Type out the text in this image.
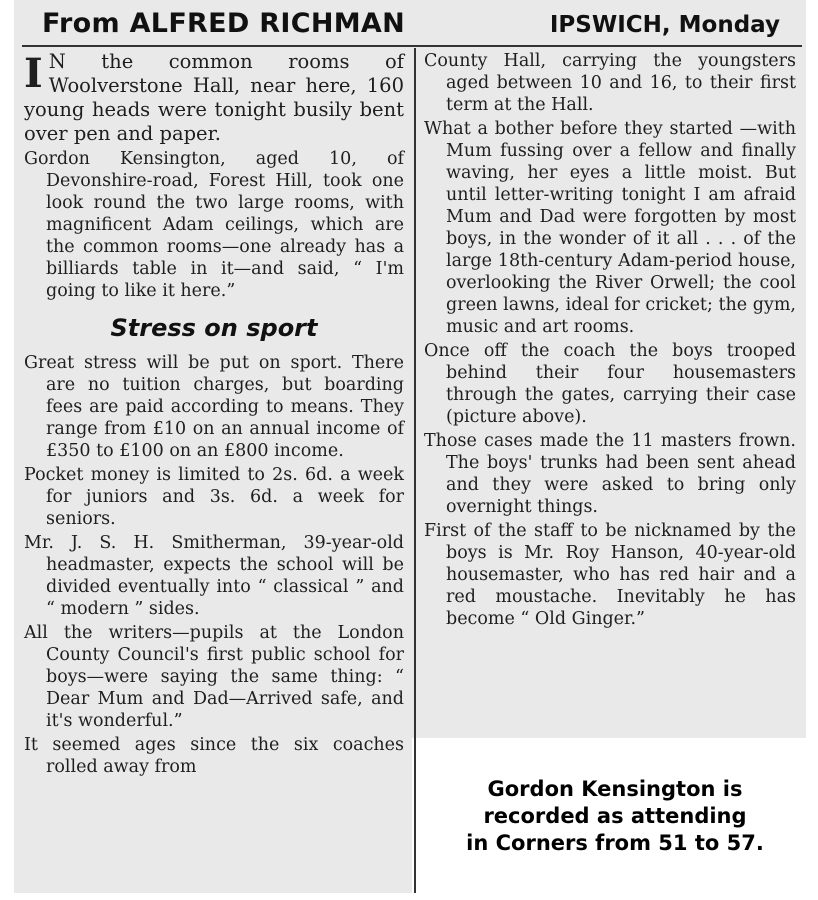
From ALFRED RICHMAN	IPSWICH, Monday

I N the common rooms of Woolverstone Hall, near here, 160 young heads were tonight busily bent over pen and paper.

Gordon Kensington, aged 10, of Devonshire-road, Forest Hill, took one look round the two large rooms, with magnificent Adam ceilings, which are the common rooms—one already has a billiards table in it—and said, “ I'm going to like it here.”

Stress on sport

Great stress will be put on sport. There are no tuition charges, but boarding fees are paid according to means. They range from £10 on an annual income of £350 to £100 on an £800 income.

Pocket money is limited to 2s. 6d. a week for juniors and 3s. 6d. a week for seniors.

Mr. J. S. H. Smitherman, 39-year-old headmaster, expects the school will be divided eventually into “ classical ” and “ modern ” sides.

All the writers—pupils at the London County Council's first public school for boys—were saying the same thing: “ Dear Mum and Dad—Arrived safe, and it's wonderful.”

It seemed ages since the six coaches rolled away from

County Hall, carrying the youngsters aged between 10 and 16, to their first term at the Hall.

What a bother before they started —with Mum fussing over a fellow and finally waving, her eyes a little moist. But until letter-writing tonight I am afraid Mum and Dad were forgotten by most boys, in the wonder of it all . . . of the large 18th-century Adam-period house, overlooking the River Orwell; the cool green lawns, ideal for cricket; the gym, music and art rooms.

Once off the coach the boys trooped behind their four housemasters through the gates, carrying their case (picture above).

Those cases made the 11 masters frown. The boys' trunks had been sent ahead and they were asked to bring only overnight things.

First of the staff to be nicknamed by the boys is Mr. Roy Hanson, 40-year-old housemaster, who has red hair and a red moustache. Inevitably he has become “ Old Ginger.”

Gordon Kensington is
recorded as attending
in Corners from 51 to 57.
